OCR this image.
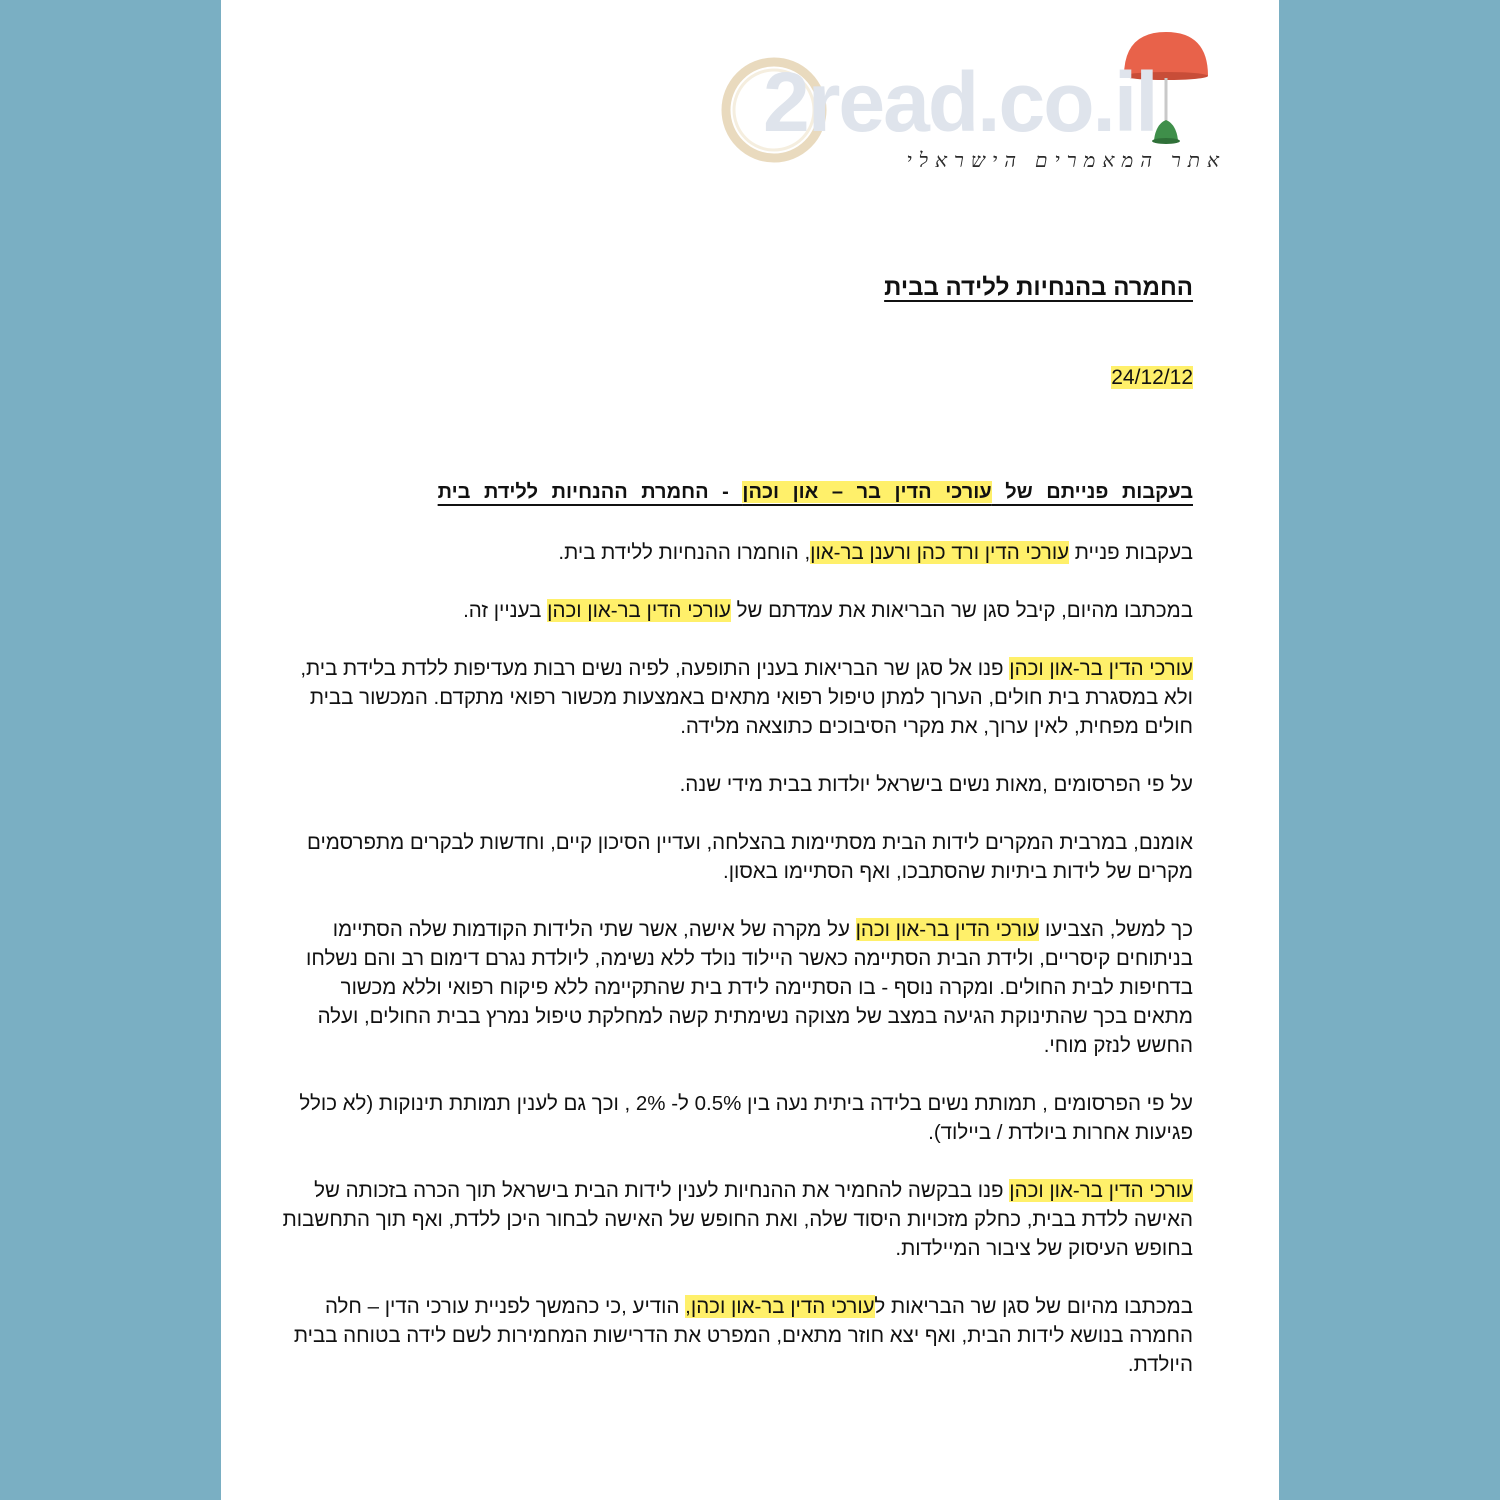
2read.co.il
אתר המאמרים הישראלי
החמרה בהנחיות ללידה בבית
24/12/12
בעקבות פנייתם של עורכי הדין בר – און וכהן - החמרת ההנחיות ללידת בית

בעקבות פניית עורכי הדין ורד כהן ורענן בר-און, הוחמרו ההנחיות ללידת בית.

במכתבו מהיום, קיבל סגן שר הבריאות את עמדתם של עורכי הדין בר-און וכהן בעניין זה.

עורכי הדין בר-און וכהן פנו אל סגן שר הבריאות בענין התופעה, לפיה נשים רבות מעדיפות ללדת בלידת בית, ולא במסגרת בית חולים, הערוך למתן טיפול רפואי מתאים באמצעות מכשור רפואי מתקדם. המכשור בבית חולים מפחית, לאין ערוך, את מקרי הסיבוכים כתוצאה מלידה.

על פי הפרסומים ,מאות נשים בישראל יולדות בבית מידי שנה.

אומנם, במרבית המקרים לידות הבית מסתיימות בהצלחה, ועדיין הסיכון קיים, וחדשות לבקרים מתפרסמים מקרים של לידות ביתיות שהסתבכו, ואף הסתיימו באסון.

כך למשל, הצביעו עורכי הדין בר-און וכהן על מקרה של אישה, אשר שתי הלידות הקודמות שלה הסתיימו בניתוחים קיסריים, ולידת הבית הסתיימה כאשר היילוד נולד ללא נשימה, ליולדת נגרם דימום רב והם נשלחו בדחיפות לבית החולים. ומקרה נוסף - בו הסתיימה לידת בית שהתקיימה ללא פיקוח רפואי וללא מכשור מתאים בכך שהתינוקת הגיעה במצב של מצוקה נשימתית קשה למחלקת טיפול נמרץ בבית החולים, ועלה החשש לנזק מוחי.

על פי הפרסומים , תמותת נשים בלידה ביתית נעה בין 0.5% ל- 2% , וכך גם לענין תמותת תינוקות (לא כולל פגיעות אחרות ביולדת / ביילוד).

עורכי הדין בר-און וכהן פנו בבקשה להחמיר את ההנחיות לענין לידות הבית בישראל תוך הכרה בזכותה של האישה ללדת בבית, כחלק מזכויות היסוד שלה, ואת החופש של האישה לבחור היכן ללדת, ואף תוך התחשבות בחופש העיסוק של ציבור המיילדות.

במכתבו מהיום של סגן שר הבריאות לעורכי הדין בר-און וכהן, הודיע ,כי כהמשך לפניית עורכי הדין – חלה החמרה בנושא לידות הבית, ואף יצא חוזר מתאים, המפרט את הדרישות המחמירות לשם לידה בטוחה בבית היולדת.
